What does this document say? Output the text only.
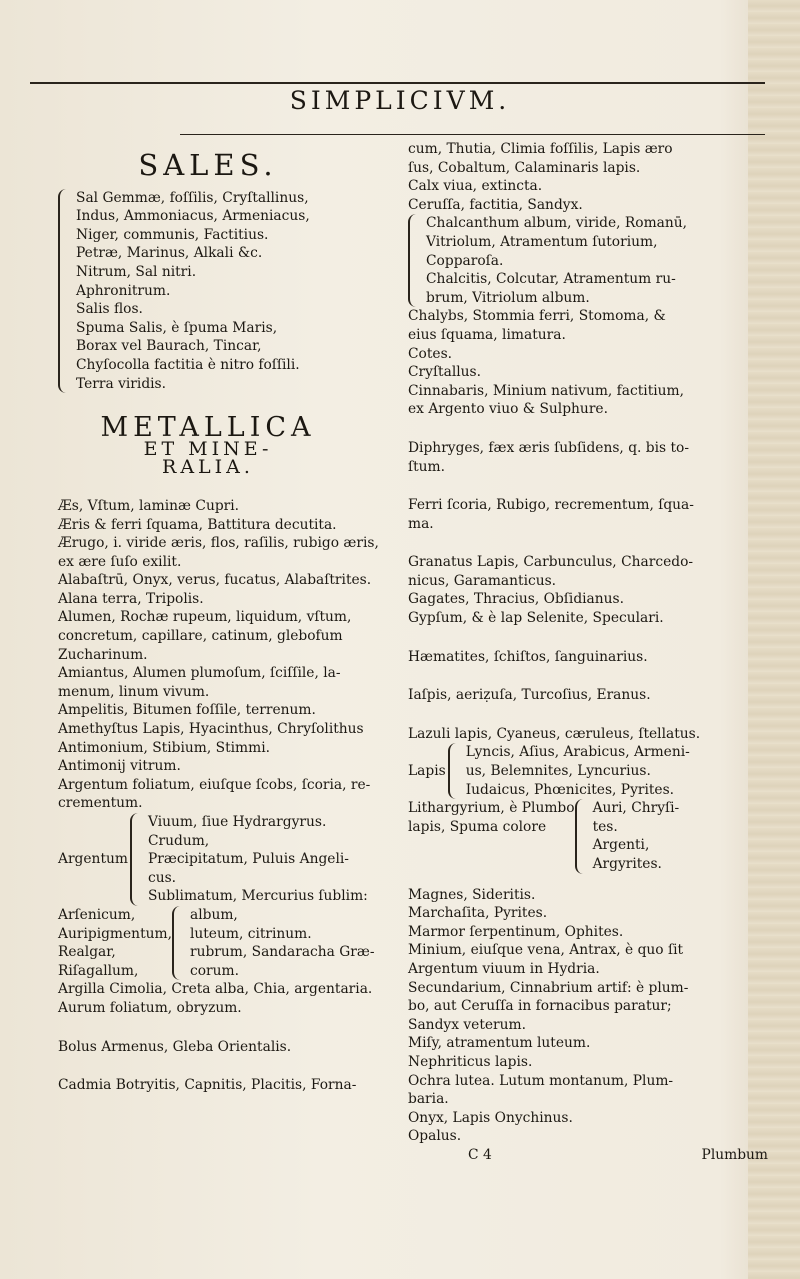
SIMPLICIVM.
SALES.
Sal Gemmæ, foſſilis, Cryſtallinus,
Indus, Ammoniacus, Armeniacus,
Niger, communis, Factitius.
Petræ, Marinus, Alkali &c.
Nitrum, Sal nitri.
Aphronitrum.
Salis flos.
Spuma Salis, è ſpuma Maris,
Borax vel Baurach, Tincar,
Chyſocolla factitia è nitro foſſili.
Terra viridis.
METALLICA
ET MINE-
RALIA.
Æs, Vſtum, laminæ Cupri.
Æris & ferri ſquama, Battitura decutita.
Ærugo, i. viride æris, flos, raſilis, rubigo æris,
ex ære ſuſo exilit.
Alabaſtrū, Onyx, verus, fucatus, Alabaſtrites.
Alana terra, Tripolis.
Alumen, Rochæ rupeum, liquidum, vſtum,
concretum, capillare, catinum, glebofum
Zucharinum.
Amiantus, Alumen plumoſum, ſciſſile, la-
menum, linum vivum.
Ampelitis, Bitumen foſſile, terrenum.
Amethyſtus Lapis, Hyacinthus, Chryſolithus
Antimonium, Stibium, Stimmi.
Antimonij vitrum.
Argentum foliatum, eiuſque ſcobs, ſcoria, re-
crementum.
Argentum
Viuum, ſiue Hydrargyrus.
Crudum,
Præcipitatum, Puluis Angeli-
cus.
Sublimatum, Mercurius ſublim:
Arſenicum,
Auripigmentum,
Realgar,
Riſagallum,
album,
luteum, citrinum.
rubrum, Sandaracha Græ-
corum.
Argilla Cimolia, Creta alba, Chia, argentaria.
Aurum foliatum, obryzum.
Bolus Armenus, Gleba Orientalis.
Cadmia Botryitis, Capnitis, Placitis, Forna-
cum, Thutia, Climia foſſilis, Lapis æro
ſus, Cobaltum, Calaminaris lapis.
Calx viua, extincta.
Ceruſſa, factitia, Sandyx.
Chalcanthum album, viride, Romanū,
Vitriolum, Atramentum ſutorium,
Copparoſa.
Chalcitis, Colcutar, Atramentum ru-
brum, Vitriolum album.
Chalybs, Stommia ferri, Stomoma, &
eius ſquama, limatura.
Cotes.
Cryſtallus.
Cinnabaris, Minium nativum, factitium,
ex Argento viuo & Sulphure.
Diphryges, fæx æris ſubſidens, q. bis to-
ſtum.
Ferri ſcoria, Rubigo, recrementum, ſqua-
ma.
Granatus Lapis, Carbunculus, Charcedo-
nicus, Garamanticus.
Gagates, Thracius, Obſidianus.
Gypſum, & è lap Selenite, Speculari.
Hæmatites, ſchiſtos, ſanguinarius.
Iaſpis, aeriẓuſa, Turcoſius, Eranus.
Lazuli lapis, Cyaneus, cæruleus, ſtellatus.
Lapis
Lyncis, Aſius, Arabicus, Armeni-
us, Belemnites, Lyncurius.
Iudaicus, Phœnicites, Pyrites.
Lithargyrium, è Plumbo
lapis, Spuma colore
Auri, Chryſi-
tes.
Argenti,
Argyrites.
Magnes, Sideritis.
Marchaſita, Pyrites.
Marmor ſerpentinum, Ophites.
Minium, eiuſque vena, Antrax, è quo ſit
Argentum viuum in Hydria.
Secundarium, Cinnabrium artif: è plum-
bo, aut Ceruſſa in fornacibus paratur;
Sandyx veterum.
Miſy, atramentum luteum.
Nephriticus lapis.
Ochra lutea. Lutum montanum, Plum-
baria.
Onyx, Lapis Onychinus.
Opalus.
C 4	Plumbum
